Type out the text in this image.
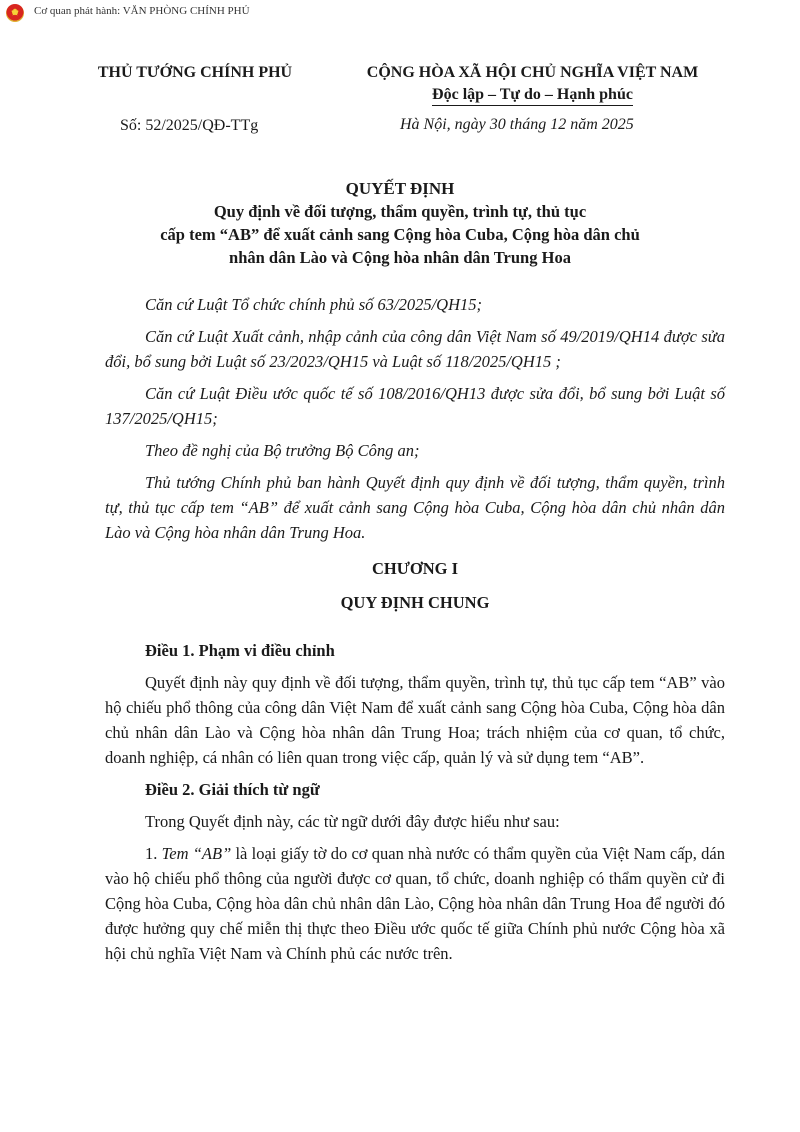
Cơ quan phát hành: VĂN PHÒNG CHÍNH PHỦ
THỦ TƯỚNG CHÍNH PHỦ	CỘNG HÒA XÃ HỘI CHỦ NGHĨA VIỆT NAM
Độc lập – Tự do – Hạnh phúc
Số: 52/2025/QĐ-TTg	Hà Nội, ngày 30 tháng 12 năm 2025
QUYẾT ĐỊNH

Quy định về đối tượng, thẩm quyền, trình tự, thủ tục

cấp tem “AB” để xuất cảnh sang Cộng hòa Cuba, Cộng hòa dân chủ

nhân dân Lào và Cộng hòa nhân dân Trung Hoa

Căn cứ Luật Tổ chức chính phủ số 63/2025/QH15;

Căn cứ Luật Xuất cảnh, nhập cảnh của công dân Việt Nam số 49/2019/QH14 được sửa đổi, bổ sung bởi Luật số 23/2023/QH15 và Luật số 118/2025/QH15 ;

Căn cứ Luật Điều ước quốc tế số 108/2016/QH13 được sửa đổi, bổ sung bởi Luật số 137/2025/QH15;

Theo đề nghị của Bộ trưởng Bộ Công an;

Thủ tướng Chính phủ ban hành Quyết định quy định về đối tượng, thẩm quyền, trình tự, thủ tục cấp tem “AB” để xuất cảnh sang Cộng hòa Cuba, Cộng hòa dân chủ nhân dân Lào và Cộng hòa nhân dân Trung Hoa.

CHƯƠNG I

QUY ĐỊNH CHUNG

Điều 1. Phạm vi điều chỉnh

Quyết định này quy định về đối tượng, thẩm quyền, trình tự, thủ tục cấp tem “AB” vào hộ chiếu phổ thông của công dân Việt Nam để xuất cảnh sang Cộng hòa Cuba, Cộng hòa dân chủ nhân dân Lào và Cộng hòa nhân dân Trung Hoa; trách nhiệm của cơ quan, tổ chức, doanh nghiệp, cá nhân có liên quan trong việc cấp, quản lý và sử dụng tem “AB”.

Điều 2. Giải thích từ ngữ

Trong Quyết định này, các từ ngữ dưới đây được hiểu như sau:

1. Tem “AB” là loại giấy tờ do cơ quan nhà nước có thẩm quyền của Việt Nam cấp, dán vào hộ chiếu phổ thông của người được cơ quan, tổ chức, doanh nghiệp có thẩm quyền cử đi Cộng hòa Cuba, Cộng hòa dân chủ nhân dân Lào, Cộng hòa nhân dân Trung Hoa để người đó được hưởng quy chế miễn thị thực theo Điều ước quốc tế giữa Chính phủ nước Cộng hòa xã hội chủ nghĩa Việt Nam và Chính phủ các nước trên.
